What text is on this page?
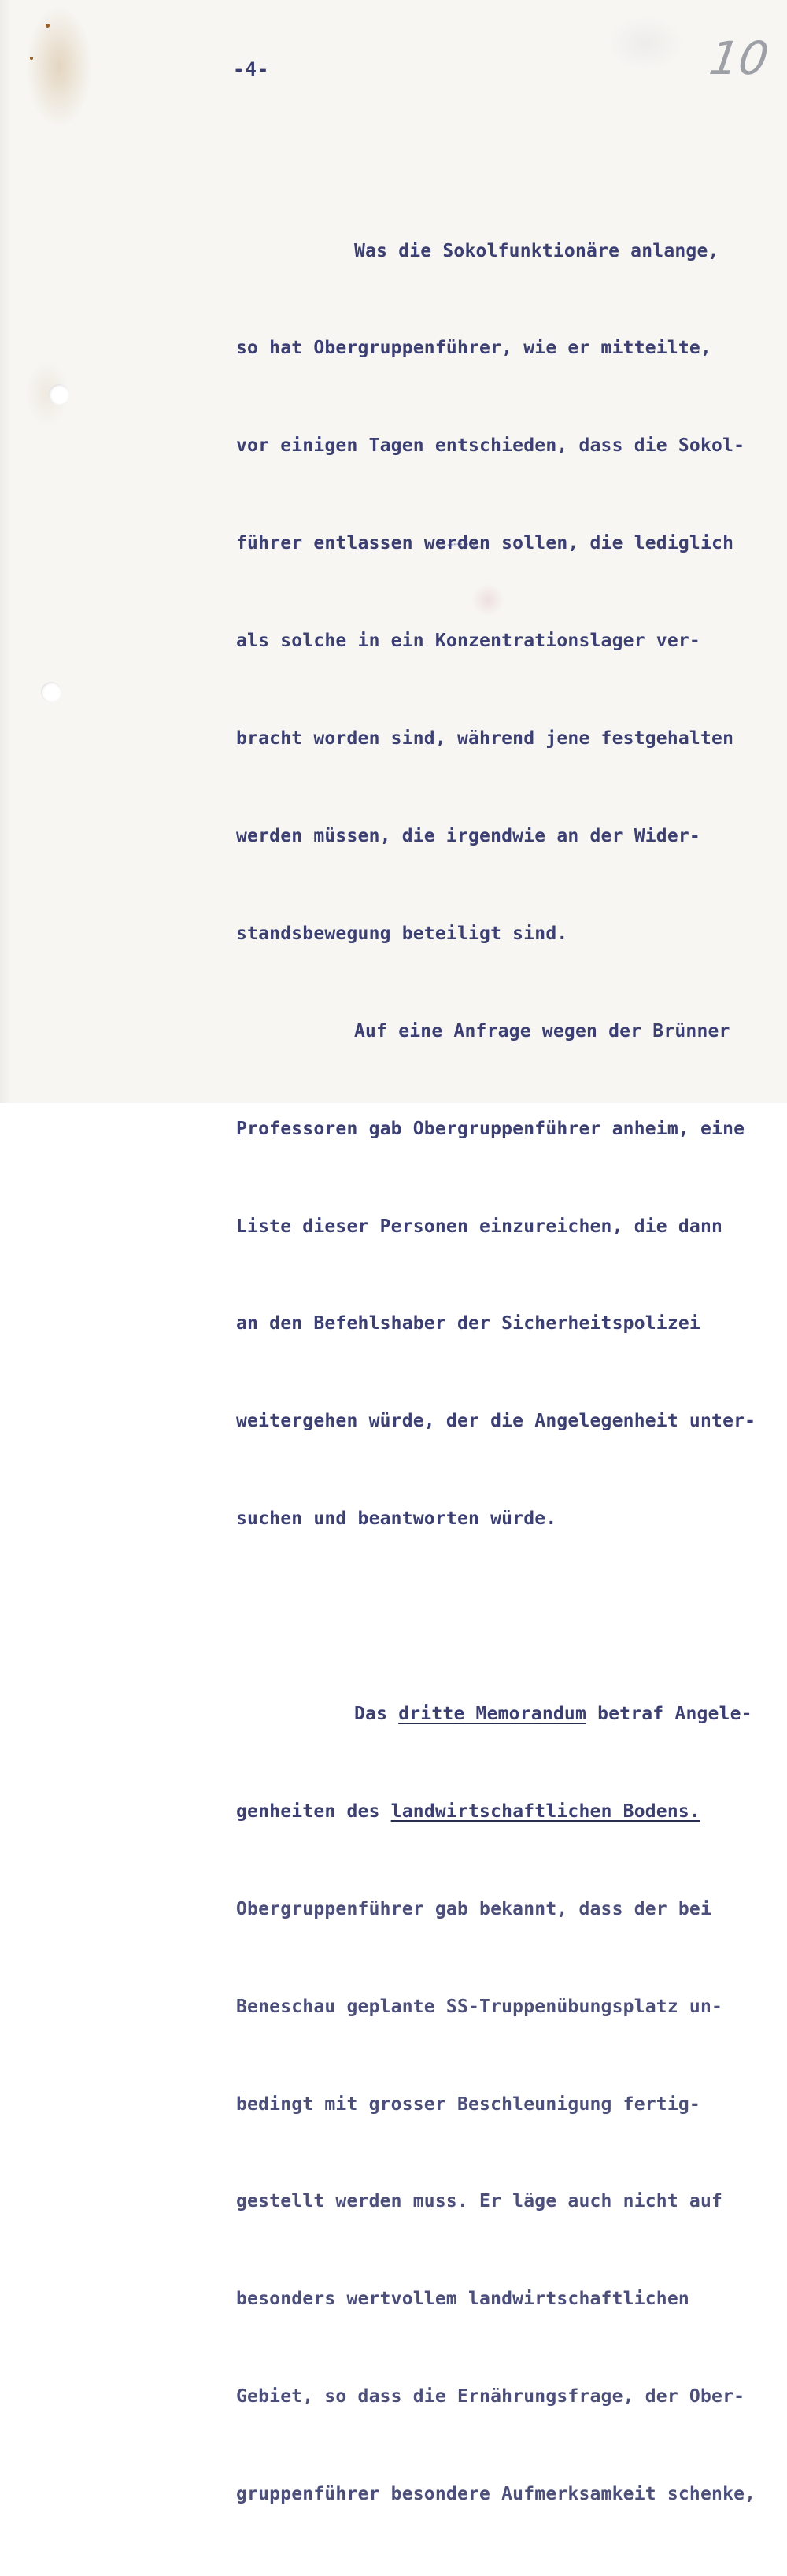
-4-	10

Was die Sokolfunktionäre anlange,

so hat Obergruppenführer, wie er mitteilte,

vor einigen Tagen entschieden, dass die Sokol-

führer entlassen werden sollen, die lediglich

als solche in ein Konzentrationslager ver-

bracht worden sind, während jene festgehalten

werden müssen, die irgendwie an der Wider-

standsbewegung beteiligt sind.

Auf eine Anfrage wegen der Brünner

Professoren gab Obergruppenführer anheim, eine

Liste dieser Personen einzureichen, die dann

an den Befehlshaber der Sicherheitspolizei

weitergehen würde, der die Angelegenheit unter-

suchen und beantworten würde.

Das dritte Memorandum betraf Angele-

genheiten des landwirtschaftlichen Bodens.

Obergruppenführer gab bekannt, dass der bei

Beneschau geplante SS-Truppenübungsplatz un-

bedingt mit grosser Beschleunigung fertig-

gestellt werden muss. Er läge auch nicht auf

besonders wertvollem landwirtschaftlichen

Gebiet, so dass die Ernährungsfrage, der Ober-

gruppenführer besondere Aufmerksamkeit schenke,
